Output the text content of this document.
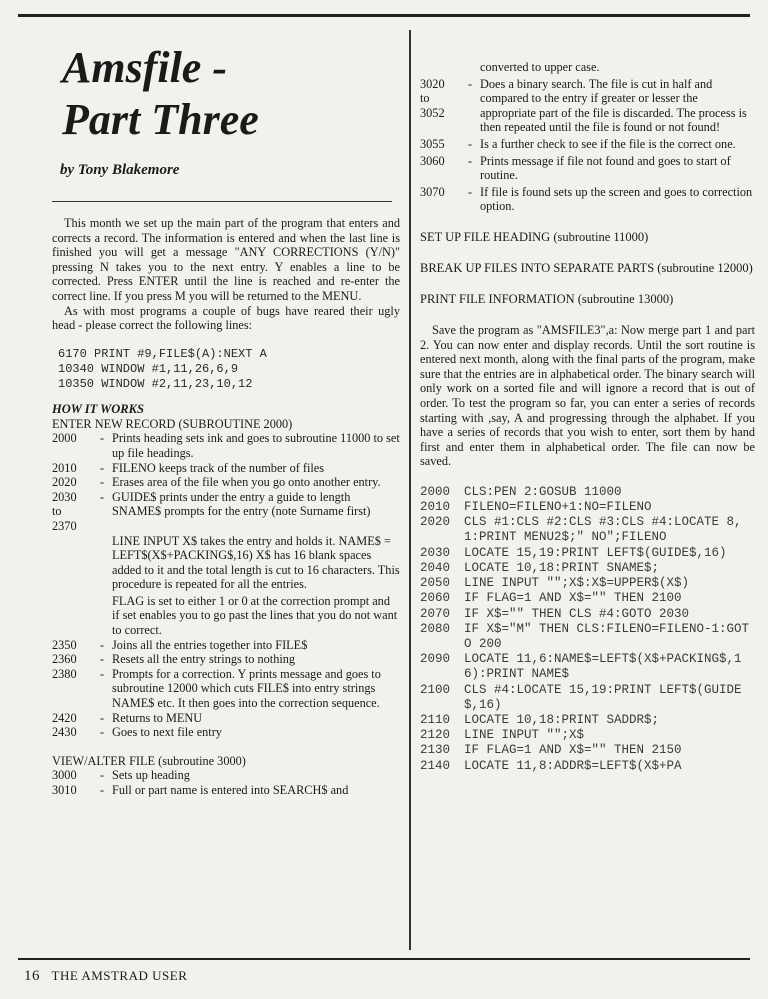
Amsfile -
Part Three
by Tony Blakemore

This month we set up the main part of the program that enters and corrects a record. The information is entered and when the last line is finished you will get a message "ANY CORRECTIONS (Y/N)" pressing N takes you to the next entry. Y enables a line to be corrected. Press ENTER until the line is reached and re-enter the correct line. If you press M you will be returned to the MENU.

As with most programs a couple of bugs have reared their ugly head - please correct the following lines:

6170 PRINT #9,FILE$(A):NEXT A
10340 WINDOW #1,11,26,6,9
10350 WINDOW #2,11,23,10,12
HOW IT WORKS
ENTER NEW RECORD (SUBROUTINE 2000)
2000	- Prints heading sets ink and goes to subroutine 11000 to set up file headings.
2010	- FILENO keeps track of the number of files
2020	- Erases area of the file when you go onto another entry.
2030
to
2370
- GUIDE$ prints under the entry a guide to length SNAME$ prompts for the entry (note Surname first)
LINE INPUT X$ takes the entry and holds it. NAME$ = LEFT$(X$+PACKING$,16) X$ has 16 blank spaces added to it and the total length is cut to 16 characters. This procedure is repeated for all the entries.
FLAG is set to either 1 or 0 at the correction prompt and if set enables you to go past the lines that you do not want to correct.
2350	- Joins all the entries together into FILE$
2360	- Resets all the entry strings to nothing
2380	- Prompts for a correction. Y prints message and goes to subroutine 12000 which cuts FILE$ into entry strings NAME$ etc. It then goes into the correction sequence.
2420	- Returns to MENU
2430	- Goes to next file entry
VIEW/ALTER FILE (subroutine 3000)
3000	- Sets up heading
3010	- Full or part name is entered into SEARCH$ and
converted to upper case.
3020
to
3052
- Does a binary search. The file is cut in half and compared to the entry if greater or lesser the appropriate part of the file is discarded. The process is then repeated until the file is found or not found!
3055	- Is a further check to see if the file is the correct one.
3060	- Prints message if file not found and goes to start of routine.
3070	- If file is found sets up the screen and goes to correction option.
SET UP FILE HEADING (subroutine 11000)
BREAK UP FILES INTO SEPARATE PARTS (subroutine 12000)
PRINT FILE INFORMATION (subroutine 13000)
Save the program as "AMSFILE3",a: Now merge part 1 and part 2. You can now enter and display records. Until the sort routine is entered next month, along with the final parts of the program, make sure that the entries are in alphabetical order. The binary search will only work on a sorted file and will ignore a record that is out of order. To test the program so far, you can enter a series of records starting with ,say, A and progressing through the alphabet. If you have a series of records that you wish to enter, sort them by hand first and enter them in alphabetical order. The file can now be saved.
2000	CLS:PEN 2:GOSUB 11000
2010	FILENO=FILENO+1:NO=FILENO
2020	CLS #1:CLS #2:CLS #3:CLS #4:LOCATE 8,1:PRINT MENU2$;" NO";FILENO
2030	LOCATE 15,19:PRINT LEFT$(GUIDE$,16)
2040	LOCATE 10,18:PRINT SNAME$;
2050	LINE INPUT "";X$:X$=UPPER$(X$)
2060	IF FLAG=1 AND X$="" THEN 2100
2070	IF X$="" THEN CLS #4:GOTO 2030
2080	IF X$="M" THEN CLS:FILENO=FILENO-1:GOTO 200
2090	LOCATE 11,6:NAME$=LEFT$(X$+PACKING$,16):PRINT NAME$
2100	CLS #4:LOCATE 15,19:PRINT LEFT$(GUIDE$,16)
2110	LOCATE 10,18:PRINT SADDR$;
2120	LINE INPUT "";X$
2130	IF FLAG=1 AND X$="" THEN 2150
2140	LOCATE 11,8:ADDR$=LEFT$(X$+PA
16 THE AMSTRAD USER
